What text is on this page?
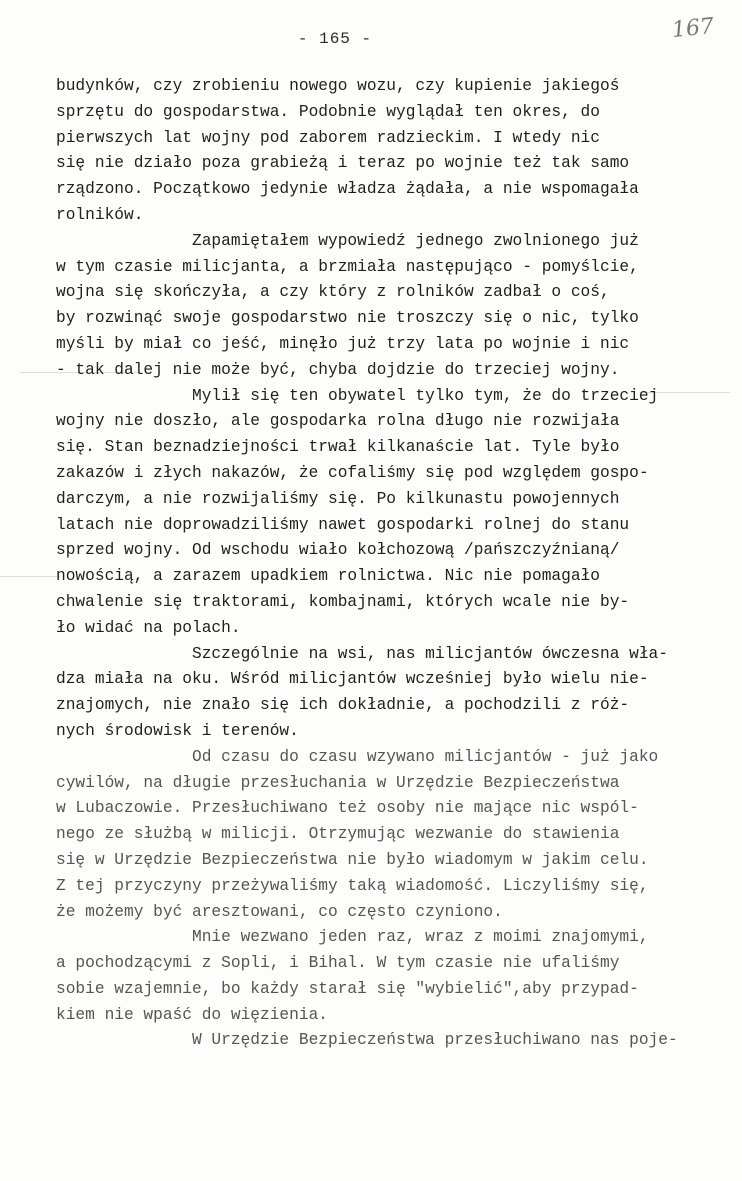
- 165 -	167
budynków, czy zrobieniu nowego wozu, czy kupienie jakiegoś
sprzętu do gospodarstwa. Podobnie wyglądał ten okres, do
pierwszych lat wojny pod zaborem radzieckim. I wtedy nic
się nie działo poza grabieżą i teraz po wojnie też tak samo
rządzono. Początkowo jedynie władza żądała, a nie wspomagała
rolników.
Zapamiętałem wypowiedź jednego zwolnionego już
w tym czasie milicjanta, a brzmiała następująco - pomyślcie,
wojna się skończyła, a czy który z rolników zadbał o coś,
by rozwinąć swoje gospodarstwo nie troszczy się o nic, tylko
myśli by miał co jeść, minęło już trzy lata po wojnie i nic
- tak dalej nie może być, chyba dojdzie do trzeciej wojny.
Mylił się ten obywatel tylko tym, że do trzeciej
wojny nie doszło, ale gospodarka rolna długo nie rozwijała
się. Stan beznadziejności trwał kilkanaście lat. Tyle było
zakazów i złych nakazów, że cofaliśmy się pod względem gospo-
darczym, a nie rozwijaliśmy się. Po kilkunastu powojennych
latach nie doprowadziliśmy nawet gospodarki rolnej do stanu
sprzed wojny. Od wschodu wiało kołchozową /pańszczyźnianą/
nowością, a zarazem upadkiem rolnictwa. Nic nie pomagało
chwalenie się traktorami, kombajnami, których wcale nie by-
ło widać na polach.
Szczególnie na wsi, nas milicjantów ówczesna wła-
dza miała na oku. Wśród milicjantów wcześniej było wielu nie-
znajomych, nie znało się ich dokładnie, a pochodzili z róż-
nych środowisk i terenów.
Od czasu do czasu wzywano milicjantów - już jako
cywilów, na długie przesłuchania w Urzędzie Bezpieczeństwa
w Lubaczowie. Przesłuchiwano też osoby nie mające nic wspól-
nego ze służbą w milicji. Otrzymując wezwanie do stawienia
się w Urzędzie Bezpieczeństwa nie było wiadomym w jakim celu.
Z tej przyczyny przeżywaliśmy taką wiadomość. Liczyliśmy się,
że możemy być aresztowani, co często czyniono.
Mnie wezwano jeden raz, wraz z moimi znajomymi,
a pochodzącymi z Sopli, i Bihal. W tym czasie nie ufaliśmy
sobie wzajemnie, bo każdy starał się "wybielić",aby przypad-
kiem nie wpaść do więzienia.
W Urzędzie Bezpieczeństwa przesłuchiwano nas poje-
